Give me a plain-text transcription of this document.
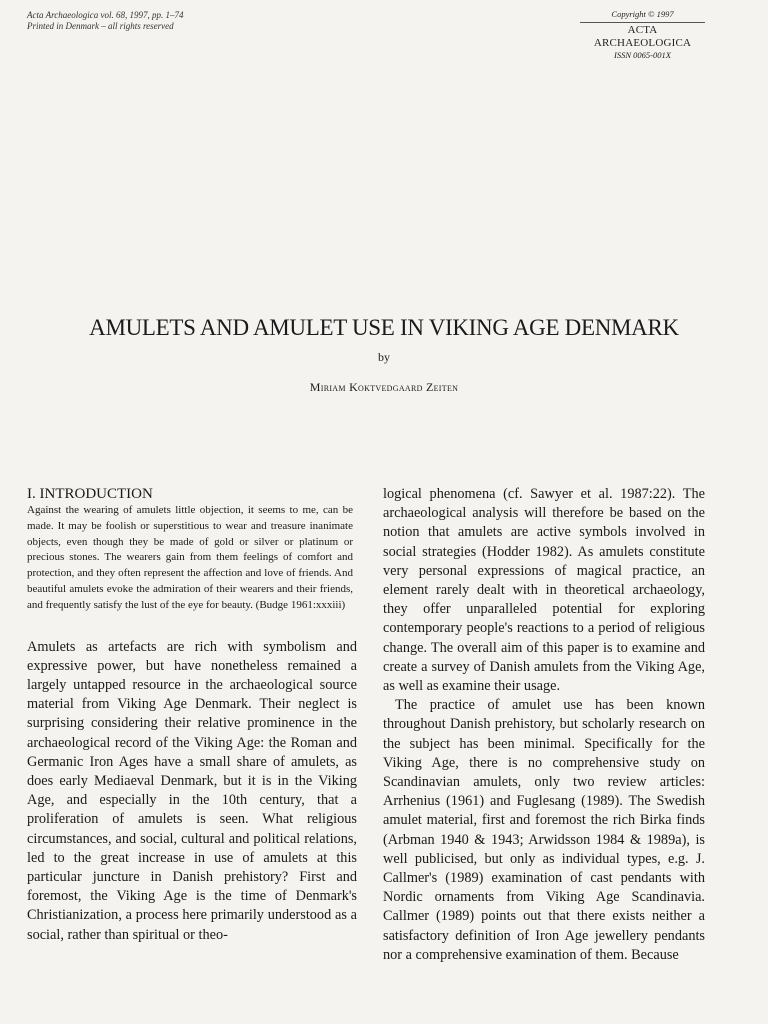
Acta Archaeologica vol. 68, 1997, pp. 1–74
Printed in Denmark – all rights reserved
Copyright © 1997
ACTA ARCHAEOLOGICA
ISSN 0065-001X
AMULETS AND AMULET USE IN VIKING AGE DENMARK
by
Miriam Koktvedgaard Zeiten
I. INTRODUCTION

Against the wearing of amulets little objection, it seems to me, can be made. It may be foolish or superstitious to wear and treasure inanimate objects, even though they be made of gold or silver or platinum or precious stones. The wearers gain from them feelings of comfort and protection, and they often represent the affection and love of friends. And beautiful amulets evoke the admiration of their wearers and their friends, and frequently satisfy the lust of the eye for beauty. (Budge 1961:xxxiii)

Amulets as artefacts are rich with symbolism and expressive power, but have nonetheless remained a largely untapped resource in the archaeological source material from Viking Age Denmark. Their neglect is surprising considering their relative prominence in the archaeological record of the Viking Age: the Roman and Germanic Iron Ages have a small share of amulets, as does early Mediaeval Denmark, but it is in the Viking Age, and especially in the 10th century, that a proliferation of amulets is seen. What religious circumstances, and social, cultural and political relations, led to the great increase in use of amulets at this particular juncture in Danish prehistory? First and foremost, the Viking Age is the time of Denmark's Christianization, a process here primarily understood as a social, rather than spiritual or theo-

logical phenomena (cf. Sawyer et al. 1987:22). The archaeological analysis will therefore be based on the notion that amulets are active symbols involved in social strategies (Hodder 1982). As amulets constitute very personal expressions of magical practice, an element rarely dealt with in theoretical archaeology, they offer unparalleled potential for exploring contemporary people's reactions to a period of religious change. The overall aim of this paper is to examine and create a survey of Danish amulets from the Viking Age, as well as examine their usage.

The practice of amulet use has been known throughout Danish prehistory, but scholarly research on the subject has been minimal. Specifically for the Viking Age, there is no comprehensive study on Scandinavian amulets, only two review articles: Arrhenius (1961) and Fuglesang (1989). The Swedish amulet material, first and foremost the rich Birka finds (Arbman 1940 & 1943; Arwidsson 1984 & 1989a), is well publicised, but only as individual types, e.g. J. Callmer's (1989) examination of cast pendants with Nordic ornaments from Viking Age Scandinavia. Callmer (1989) points out that there exists neither a satisfactory definition of Iron Age jewellery pendants nor a comprehensive examination of them. Because
